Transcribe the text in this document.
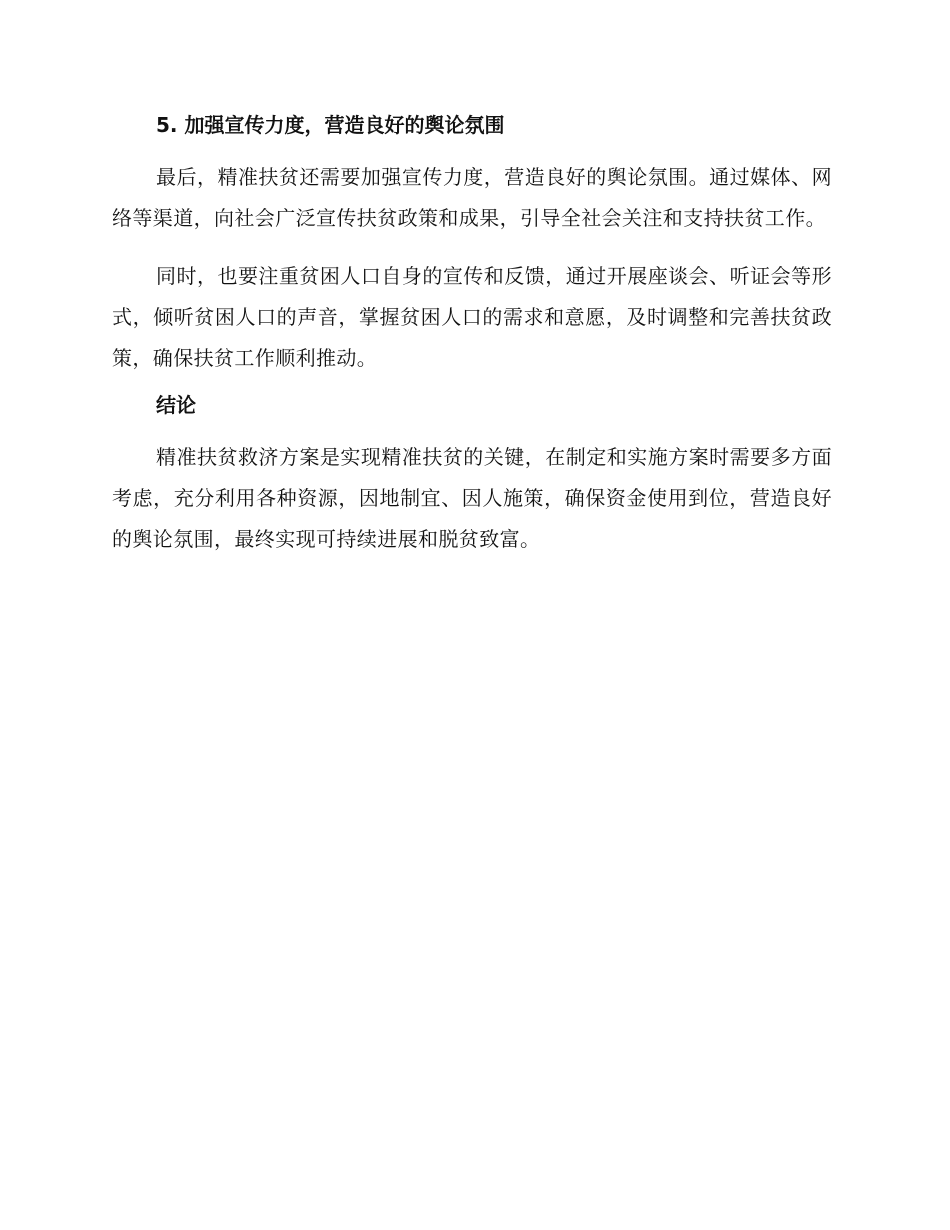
5. 加强宣传力度，营造良好的舆论氛围

最后，精准扶贫还需要加强宣传力度，营造良好的舆论氛围。通过媒体、网络等渠道，向社会广泛宣传扶贫政策和成果，引导全社会关注和支持扶贫工作。

同时，也要注重贫困人口自身的宣传和反馈，通过开展座谈会、听证会等形式，倾听贫困人口的声音，掌握贫困人口的需求和意愿，及时调整和完善扶贫政策，确保扶贫工作顺利推动。

结论

精准扶贫救济方案是实现精准扶贫的关键，在制定和实施方案时需要多方面考虑，充分利用各种资源，因地制宜、因人施策，确保资金使用到位，营造良好的舆论氛围，最终实现可持续进展和脱贫致富。
